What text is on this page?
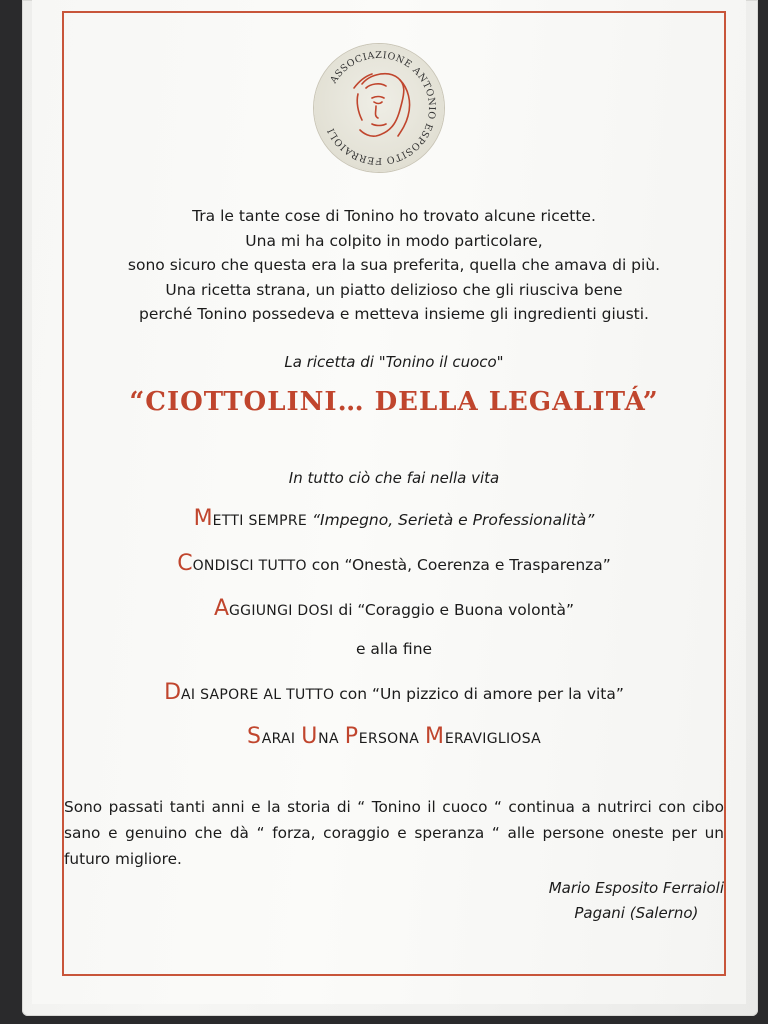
ASSOCIAZIONE ANTONIO ESPOSITO FERRAIOLI
Tra le tante cose di Tonino ho trovato alcune ricette.
Una mi ha colpito in modo particolare,
sono sicuro che questa era la sua preferita, quella che amava di più.
Una ricetta strana, un piatto delizioso che gli riusciva bene
perché Tonino possedeva e metteva insieme gli ingredienti giusti.
La ricetta di "Tonino il cuoco"
“CIOTTOLINI… DELLA LEGALITÁ”
In tutto ciò che fai nella vita
METTI SEMPRE “Impegno, Serietà e Professionalità”
CONDISCI TUTTO con “Onestà, Coerenza e Trasparenza”
AGGIUNGI DOSI di “Coraggio e Buona volontà”
e alla fine
DAI SAPORE AL TUTTO con “Un pizzico di amore per la vita”
SARAI UNA PERSONA MERAVIGLIOSA
Sono passati tanti anni e la storia di “ Tonino il cuoco “ continua a nutrirci con cibo sano e genuino che dà “ forza, coraggio e speranza “ alle persone oneste per un futuro migliore.
Mario Esposito Ferraioli
Pagani (Salerno)
